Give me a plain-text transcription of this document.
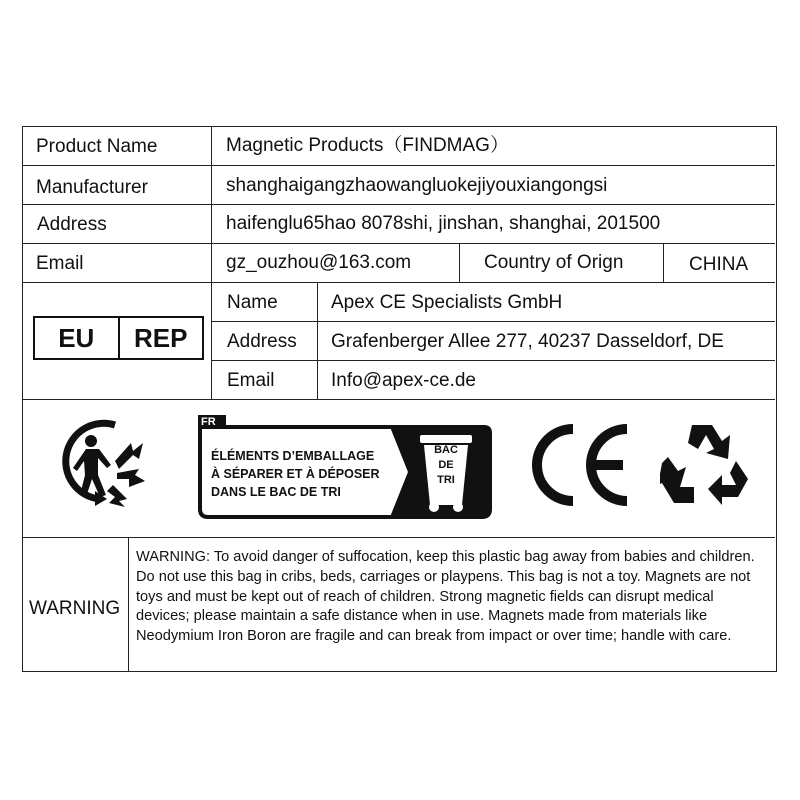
Product Name	Magnetic Products（FINDMAG）
Manufacturer	shanghaigangzhaowangluokejiyouxiangongsi
Address	haifenglu65hao 8078shi, jinshan, shanghai, 201500
Email	gz_ouzhou@163.com	Country of Orign	CHINA
EU	REP
Name	Apex CE Specialists GmbH
Address Grafenberger Allee 277, 40237 Dasseldorf, DE
Email	Info@apex-ce.de
FR
ÉLÉMENTS D’EMBALLAGE
À SÉPARER ET À DÉPOSER
DANS LE BAC DE TRI
BAC
DE
TRI
WARNING
WARNING: To avoid danger of suffocation, keep this plastic bag away from babies and children. Do not use this bag in cribs, beds, carriages or playpens. This bag is not a toy. Magnets are not toys and must be kept out of reach of children. Strong magnetic fields can disrupt medical devices; please maintain a safe distance when in use. Magnets made from materials like Neodymium Iron Boron are fragile and can break from impact or over time; handle with care.
